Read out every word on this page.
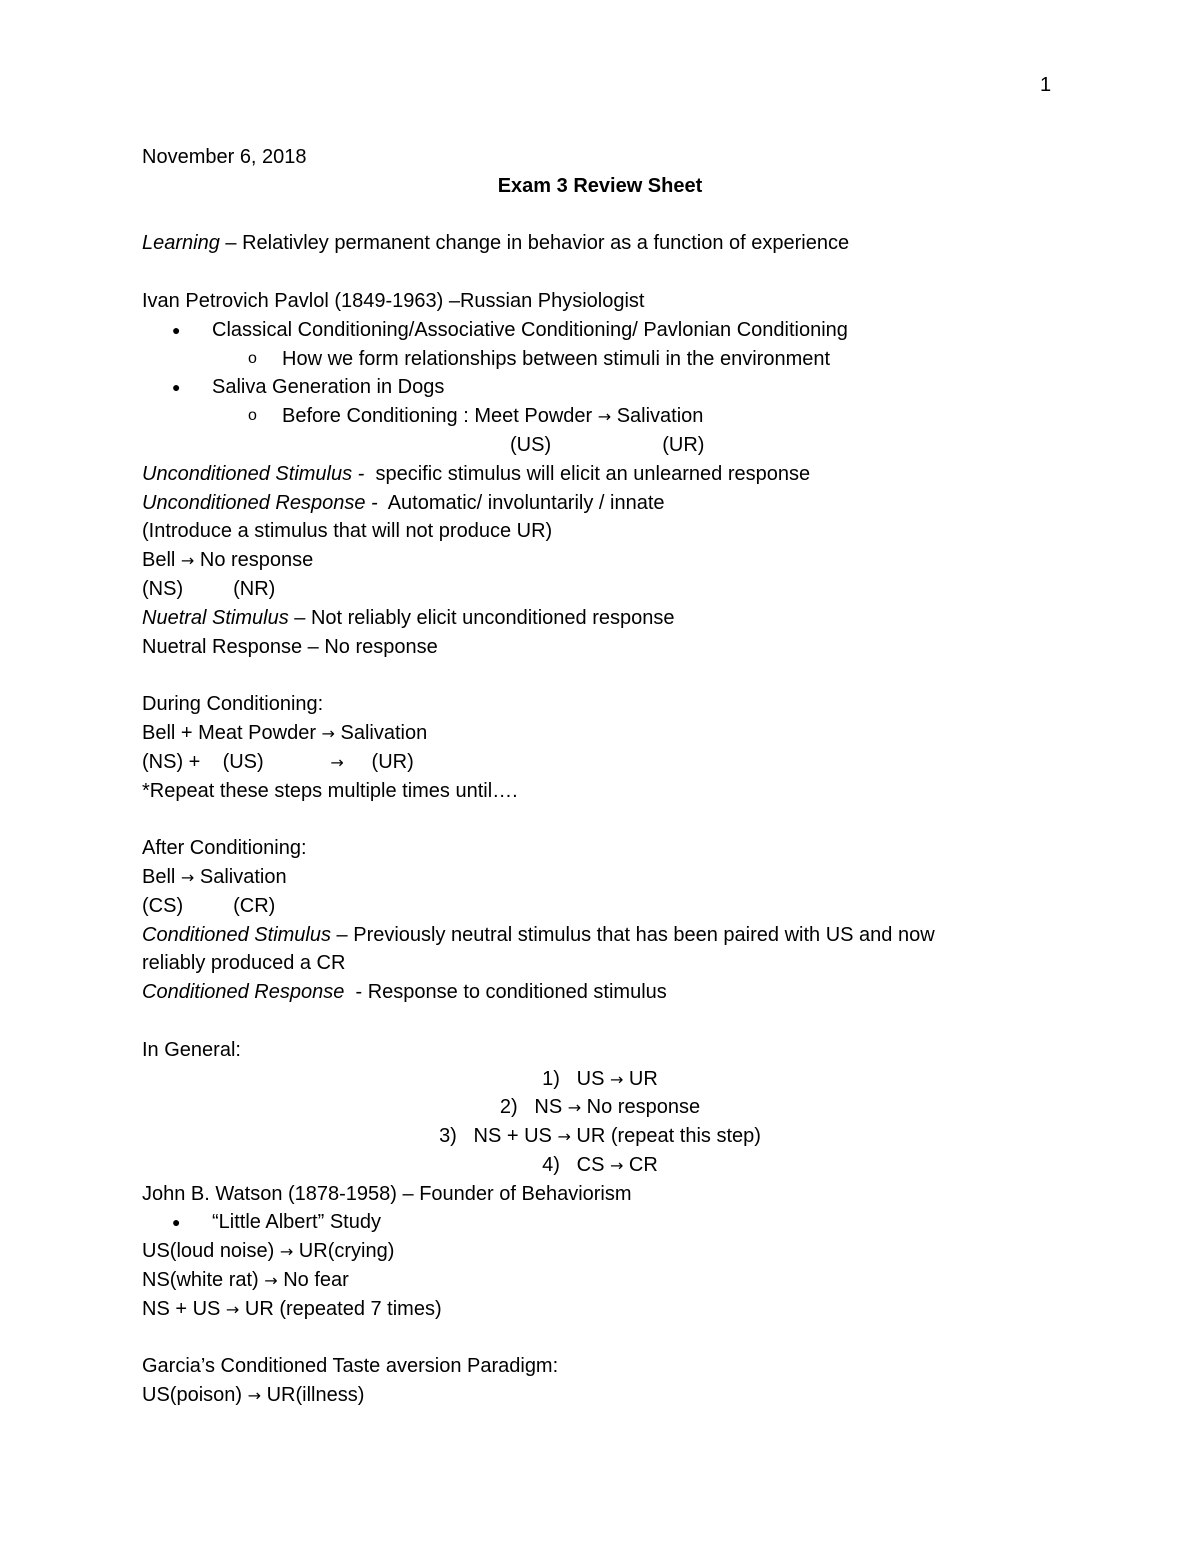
1
November 6, 2018
Exam 3 Review Sheet
Learning – Relativley permanent change in behavior as a function of experience
Ivan Petrovich Pavlol (1849-1963) –Russian Physiologist
● Classical Conditioning/Associative Conditioning/ Pavlonian Conditioning
o How we form relationships between stimuli in the environment
● Saliva Generation in Dogs
o Before Conditioning : Meet Powder → Salivation
(US)                    (UR)
Unconditioned Stimulus -  specific stimulus will elicit an unlearned response
Unconditioned Response -  Automatic/ involuntarily / innate
(Introduce a stimulus that will not produce UR)
Bell → No response
(NS)         (NR)
Nuetral Stimulus – Not reliably elicit unconditioned response
Nuetral Response – No response
During Conditioning:
Bell + Meat Powder → Salivation
(NS) +    (US)            →     (UR)
*Repeat these steps multiple times until….
After Conditioning:
Bell → Salivation
(CS)         (CR)
Conditioned Stimulus – Previously neutral stimulus that has been paired with US and now
reliably produced a CR
Conditioned Response  - Response to conditioned stimulus
In General:
1) US → UR
2) NS → No response
3) NS + US → UR (repeat this step)
4) CS → CR
John B. Watson (1878-1958) – Founder of Behaviorism
● “Little Albert” Study
US(loud noise) → UR(crying)
NS(white rat) → No fear
NS + US → UR (repeated 7 times)
Garcia’s Conditioned Taste aversion Paradigm:
US(poison) → UR(illness)
